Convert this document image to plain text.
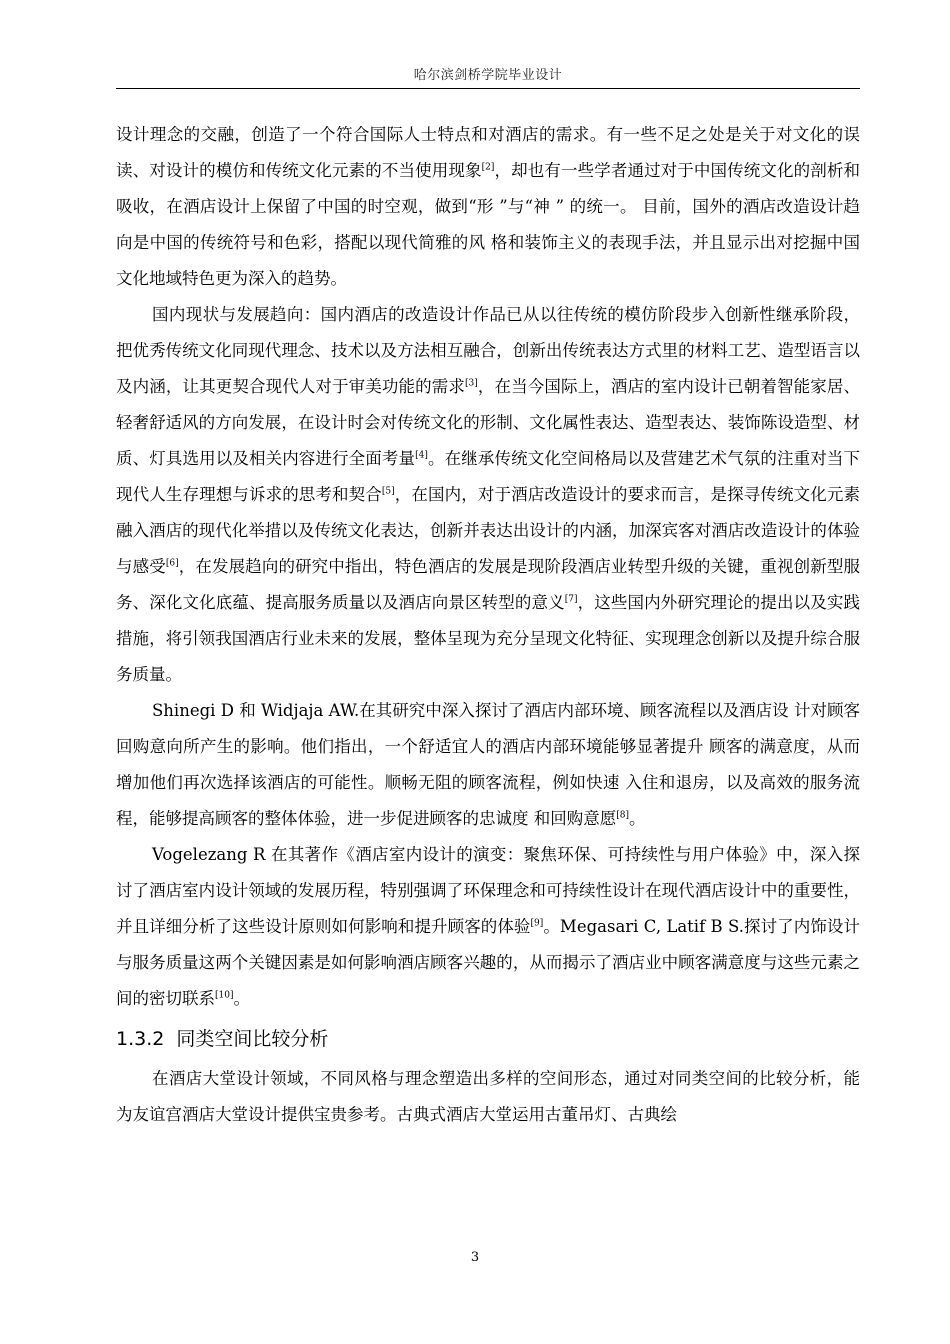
哈尔滨剑桥学院毕业设计

设计理念的交融，创造了一个符合国际人士特点和对酒店的需求。有一些不足之处是关于对文化的误读、对设计的模仿和传统文化元素的不当使用现象[2]，却也有一些学者通过对于中国传统文化的剖析和吸收，在酒店设计上保留了中国的时空观，做到“形 ”与“神 ” 的统一。 目前，国外的酒店改造设计趋向是中国的传统符号和色彩，搭配以现代简雅的风 格和装饰主义的表现手法，并且显示出对挖掘中国文化地域特色更为深入的趋势。

国内现状与发展趋向：国内酒店的改造设计作品已从以往传统的模仿阶段步入创新性继承阶段，把优秀传统文化同现代理念、技术以及方法相互融合，创新出传统表达方式里的材料工艺、造型语言以及内涵，让其更契合现代人对于审美功能的需求[3]，在当今国际上，酒店的室内设计已朝着智能家居、轻奢舒适风的方向发展，在设计时会对传统文化的形制、文化属性表达、造型表达、装饰陈设造型、材质、灯具选用以及相关内容进行全面考量[4]。在继承传统文化空间格局以及营建艺术气氛的注重对当下现代人生存理想与诉求的思考和契合[5]，在国内，对于酒店改造设计的要求而言，是探寻传统文化元素融入酒店的现代化举措以及传统文化表达，创新并表达出设计的内涵，加深宾客对酒店改造设计的体验与感受[6]，在发展趋向的研究中指出，特色酒店的发展是现阶段酒店业转型升级的关键，重视创新型服务、深化文化底蕴、提高服务质量以及酒店向景区转型的意义[7]，这些国内外研究理论的提出以及实践措施，将引领我国酒店行业未来的发展，整体呈现为充分呈现文化特征、实现理念创新以及提升综合服务质量。

Shinegi D 和 Widjaja AW.在其研究中深入探讨了酒店内部环境、顾客流程以及酒店设 计对顾客回购意向所产生的影响。他们指出，一个舒适宜人的酒店内部环境能够显著提升 顾客的满意度，从而增加他们再次选择该酒店的可能性。顺畅无阻的顾客流程，例如快速 入住和退房，以及高效的服务流程，能够提高顾客的整体体验，进一步促进顾客的忠诚度 和回购意愿[8]。

Vogelezang R 在其著作《酒店室内设计的演变：聚焦环保、可持续性与用户体验》中，深入探讨了酒店室内设计领域的发展历程，特别强调了环保理念和可持续性设计在现代酒店设计中的重要性，并且详细分析了这些设计原则如何影响和提升顾客的体验[9]。Megasari C, Latif B S.探讨了内饰设计与服务质量这两个关键因素是如何影响酒店顾客兴趣的，从而揭示了酒店业中顾客满意度与这些元素之间的密切联系[10]。

1.3.2 同类空间比较分析

在酒店大堂设计领域，不同风格与理念塑造出多样的空间形态，通过对同类空间的比较分析，能为友谊宫酒店大堂设计提供宝贵参考。古典式酒店大堂运用古董吊灯、古典绘

3
